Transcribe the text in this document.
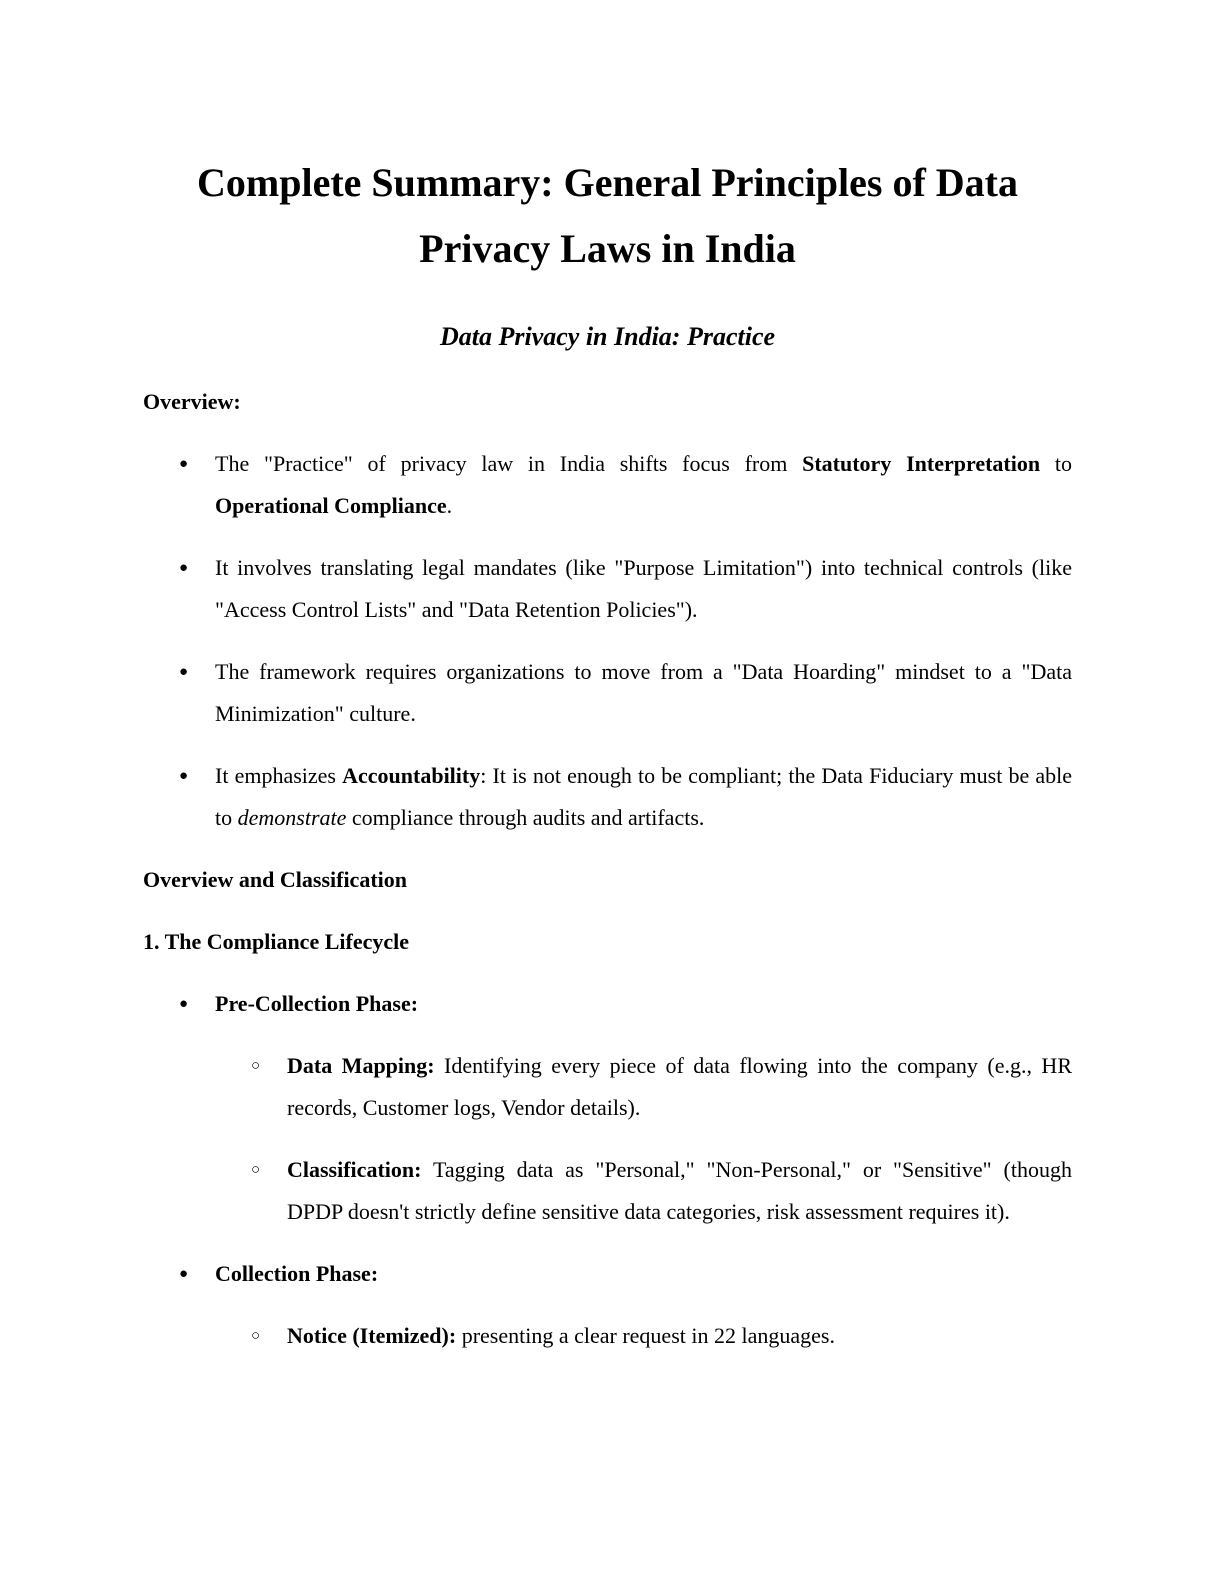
Complete Summary: General Principles of Data
Privacy Laws in India
Data Privacy in India: Practice
Overview:
●	The "Practice" of privacy law in India shifts focus from Statutory Interpretation to Operational Compliance.
●	It involves translating legal mandates (like "Purpose Limitation") into technical controls (like "Access Control Lists" and "Data Retention Policies").
●	The framework requires organizations to move from a "Data Hoarding" mindset to a "Data Minimization" culture.
●	It emphasizes Accountability: It is not enough to be compliant; the Data Fiduciary must be able to demonstrate compliance through audits and artifacts.
Overview and Classification
1. The Compliance Lifecycle
●	Pre-Collection Phase:
○	Data Mapping: Identifying every piece of data flowing into the company (e.g., HR records, Customer logs, Vendor details).
○	Classification: Tagging data as "Personal," "Non-Personal," or "Sensitive" (though DPDP doesn't strictly define sensitive data categories, risk assessment requires it).
●	Collection Phase:
○	Notice (Itemized): presenting a clear request in 22 languages.
